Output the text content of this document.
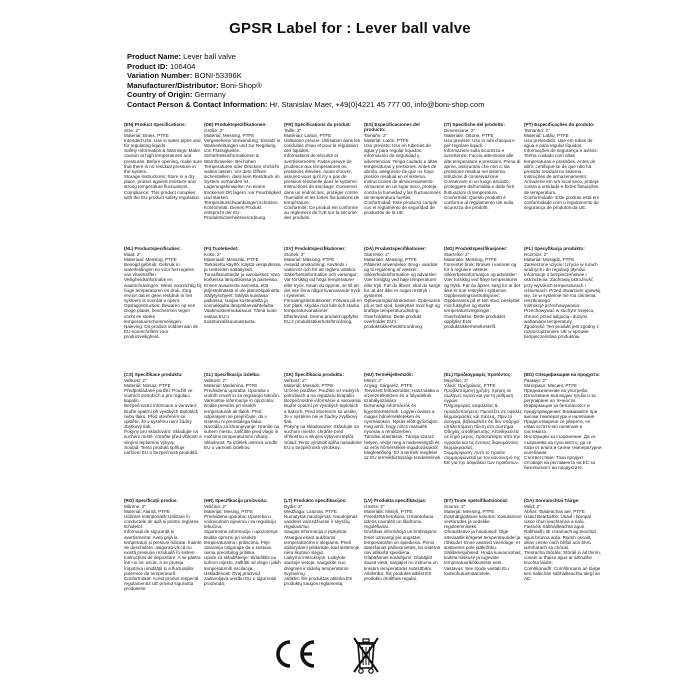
GPSR Label for : Lever ball valve
Product Name: Lever ball valve
Product ID: 106404
Variation Number: BONI-53396K
Manufacturer/Distributor: Boni-Shop®
Country of Origin: Germany
Contact Person & Contact Information: Hr. Stanislav Maer, +49(0)4221 45 777 00, info@boni-shop.com
(EN) Product Specifications:
Size: 2"
Material: Brass, PTFE
Intended Use: Use in water pipes and for regulating liquids.
Safety Information & Warnings: Make caution at high temperatures and pressures. Before opening, make sure that there is no residual pressure in the system.
Storage Instructions: Store in a dry place, protect against moisture and strong temperature fluctuations.
Compliance: This product complies with the EU product safety regulation.
(DE) Produktspezifikationen:
Größe: 2"
Material: Messing, PTFE
Vorgesehene Verwendung: Einsatz in Wasserleitungen und zur Regelung von Flüssigkeiten.
Sicherheitsinformationen & Warnhinweise: Bei hohen Temperaturen oder Drücken Vorsicht walten lassen. Vor dem Öffnen sicherstellen, dass kein Restdruck im System vorhanden ist.
Lagerungshinweise: An einem trockenen Ort lagern, vor Feuchtigkeit und starken Temperaturschwankungen schützen.
Konformität: Dieses Produkt entspricht der EU-Produktsicherheitsverordnung.
(FR) Spécifications du produit:
Taille: 2"
Matériau: Laiton, PTFE
Utilisation prévue: Utilisation dans les conduites d'eau et pour la régulation des liquides.
Informations de sécurité et avertissements: Faites preuve de prudence aux températures ou pressions élevées. Avant d'ouvrir, assurez-vous qu'il n'y a pas de pression résiduelle dans le système.
Instructions de stockage: Conserver dans un endroit sec, protéger contre l'humidité et les fortes fluctuations de température.
Conformité: Ce produit est conforme au règlement de l'UE sur la sécurité des produits.
(ES) Especificaciones del producto:
Tamaño: 2"
Material: Latón, PTFE
Uso previsto: Uso en tuberías de agua y para regular líquidos.
Información de seguridad y advertencias: Tenga cuidado a altas temperaturas y presiones. Antes de abrirla, asegúrese de que no haya presión residual en el sistema.
Instrucciones de almacenamiento: Almacene en un lugar seco, proteja contra la humedad y las fluctuaciones de temperatura fuertes.
Conformidad: Este producto cumple con el reglamento de seguridad de productos de la UE.
(IT) Specifiche del prodotto:
Dimensione: 2"
Materiale: Ottone, PTFE
Uso previsto: Uso in tubi d'acqua e per regolare liquidi.
Informazioni sulla sicurezza e avvertenze: Faccia attenzione alle alte temperature e pressioni. Prima di aprire, assicurarsi che non ci sia pressione residua nel sistema.
Istruzioni di conservazione: Conservare in un luogo asciutto, proteggere dall'umidità e dalle forti fluttuazioni di temperatura.
Conformità: Questo prodotto è conforme al regolamento UE sulla sicurezza dei prodotti.
(PT) Especificações do produto:
Tamanho: 2"
Material: Latão, PTFE
Uso pretendido: Use em tubos de água e para regular líquidos.
Informações de segurança e avisos: Tenha cuidado com altas temperaturas e pressões. Antes de abrir, certifique-se de que não há pressão residual no sistema.
Instruções de armazenamento: Armazene em um local seco, proteja contra a umidade e fortes flutuações de temperatura.
Conformidade: Este produto está em conformidade com o regulamento de segurança de produtos da UE.
(NL) Productspecificaties:
Maat: 2"
Materiaal: Messing, PTFE
Beoogd gebruik: Gebruik in waterleidingen en voor het regelen van vloeistoffen.
Veiligheidsinformatie en waarschuwingen: Wees voorzichtig bij hoge temperaturen en druk. Zorg ervoor dat er geen restdruk in het systeem is voordat u opent.
Opslaginstructies: Bewaren op een droge plaats, beschermen tegen vocht en sterke temperatuurschommelingen.
Naleving: Dit product voldoet aan de EU-voorschriften voor productveiligheid.
(FI) Tuotetiedot:
Koko: 2"
Materiaali: Messinki, PTFE
Tarkoitettu käyttö: Käyttö vesiputkissa ja nesteiden säätelyssä.
Turvallisuustiedot ja varoitukset: Varo korkeissa lämpötiloissa ja paineissa. Ennen avaamista varmista, että järjestelmässä ei ole jäännöspainetta.
Säilytysohjeet: Säilytä kuivassa paikassa, suojaa kosteudelta ja voimakkailta lämpötilanvaihteluilta.
Vaatimustenmukaisuus: Tämä tuote vastaa EU:n tuoteturvallisuusasetusta.
(SV) Produktspecifikationer:
Storlek: 2"
Material: Mässing, PTFE
Avsedd användning: Används i vattenrör och för att reglera vätskor.
Säkerhetsinformation och varningar: Var försiktig vid höga temperaturer eller tryck. Innan du öppnar, se till att det inte finns något kvarvarande tryck i systemet.
Förvaringsinstruktioner: Förvara på en torr plats, skydda mot fukt och starka temperaturvariationer.
Efterlevnad: Denna produkt uppfyller EU:s produktsäkerhetsförordning.
(DA) Produktspecifikationer:
Størrelse: 2"
Materiale: Messing, PTFE
Påtænkt anvendelse: Brug i vandrør og til regulering af væsker.
Sikkerhedsinformation og advarsler: Vær forsigtig ved høje temperaturer eller tryk. Før du åbner, skal du sørge for, at der ikke er noget resttryk i systemet.
Opbevaringsinstruktioner: Opbevares på et tørt sted, beskyttes mod fugt og kraftige temperaturudsving.
Overholdelse: Dette produkt overholder EU's produktsikkerhedsforordning.
(NO) Produktspesifikasjoner:
Størrelse: 2"
Materiale: Messing, PTFE
Forventet bruk: Brukes i vannrør og for å regulere væsker.
Sikkerhetsinformasjon og advarsler: Vær forsiktig ved høye temperaturer og trykk. Før du åpner, sørg for at det ikke er noe restrykk i systemet.
Oppbevaringsinstruksjoner: Oppbevares på et tørt sted, beskyttet mot fuktighet og sterke temperatursvingninger.
Overholdelse: Dette produktet oppfyller EUs produktsikkerhetsforskrift.
(PL) Specyfikacja produktu:
Rozmiar: 2"
Materiał: Mosiądz, PTFE
Zamierzone użycie: Użycie w rurach wodnych i do regulacji płynów.
Informacje o bezpieczeństwie i ostrzeżenia: Zachowaj ostrożność przy wysokich temperaturach i ciśnieniach. Przed otwarciem upewnij się, że w systemie nie ma ciśnienia resztkowego.
Instrukcje przechowywania: Przechowywać w suchym miejscu, chronić przed wilgocią i dużymi wahaniami temperatury.
Zgodność: Ten produkt jest zgodny z rozporządzeniem UE w sprawie bezpieczeństwa produktów.
(CS) Specifikace produktu:
Velikost: 2"
Materiál: Mosaz, PTFE
Předpokládané použití: Použití ve vodních potrubích a pro regulaci kapalin.
Bezpečnostní informace a varování: Buďte opatrní při vysokých teplotách nebo tlaku. Před otevřením se ujistěte, že v systému není žádný zbytkový tlak.
Pokyny pro skladování: Skladujte na suchém místě, chraňte před vlhkostí a silnými teplotními výkyvy.
Soulad: Tento produkt splňuje nařízení EU o bezpečnosti produktů.
(SL) Specifikacija izdelka:
Velikost: 2"
Material: Medenina, PTFE
Predvidena uporaba: Uporaba v vodnih ceveh in za regulacijo tekočin.
Varnostne informacije in opozorila: Bodite previdni pri visokih temperaturah ali tlakih. Pred odpiranjem se prepričajte, da v sistemu ni preostalega tlaka.
Navodila za shranjevanje: Hranite na suhem mestu, zaščitite pred vlago in močnimi temperaturnimi nihanji.
Skladnost: Ta izdelek ustreza uredbi EU o varnosti izdelkov.
(SK) Špecifikácia produktu:
Veľkosť: 2"
Materiál: Mosadz, PTFE
Určené použitie: Použitie vo vodných potrubiach a na reguláciu kvapalín.
Bezpečnostné informácie a varovania: Buďte opatrní pri vysokých teplotách a tlakoch. Pred otvorením sa uistite, že v systéme nie je žiadny zvyškový tlak.
Pokyny na skladovanie: Skladujte na suchom mieste, chráňte pred vlhkosťou a silnými výkyvmi teplôt.
Súlad: Tento výrobok spĺňa nariadenie EÚ o bezpečnosti výrobkov.
(HU) Termékjellemzők:
Méret: 2"
Anyag: Sárgaréz, PTFE
Tervezett felhasználás: Használata a vízvezetékekben és a folyadékok szabályozására.
Biztonsági információk és figyelmeztetések: Legyen óvatos a magas hőmérsékleteken és nyomásokon. Nyitás előtt győződjön meg arról, hogy nincs maradék nyomás a rendszerben.
Tárolási utasítások: Tárolja száraz helyen, védje meg a nedvességtől és az erős hőmérséklet-ingadozásoktól.
Megfelelőség: Ez a termék megfelel az EU termékbiztonsági rendeletének.
(EL) Προδιαγραφές προϊόντος:
Μέγεθος: 2"
Υλικό: Ορείχαλκος, PTFE
Προβλεπόμενη χρήση: Χρήση σε σωλήνες νερού και για τη ρύθμιση υγρών.
Πληροφορίες ασφαλείας & προειδοποιήσεις: Προσέξτε σε υψηλές θερμοκρασίες και πιέσεις. Πριν το άνοιγμα, βεβαιωθείτε ότι δεν υπάρχει υπολειπόμενη πίεση στο σύστημα.
Οδηγίες αποθήκευσης: Αποθηκεύστε σε ξηρό μέρος, προστατέψτε από την υγρασία και τις έντονες διακυμάνσεις θερμοκρασίας.
Συμμόρφωση: Αυτό το προϊόν συμμορφώνεται με τον κανονισμό της ΕΕ για την ασφάλεια των προϊόντων.
(BG) Спецификация на продукта:
Размер: 2"
Материал: Месинг, PTFE
Предназначение на употреба: Използване във водни тръби и за регулиране на течности.
Информация за безопасност и предупреждения: Внимавайте при високи температури и налягания. Преди отваряне се уверете, че няма остатъчно налягане в системата.
Инструкции за съхранение: Да се съхранява на сухо място, да се пази от влага и силни температурни колебания.
Съответствие: Този продукт отговаря на регламента на ЕС за безопасност на продуктите.
(RO) Specificații produs:
Mărime: 2"
Material: Alamă, PTFE
Utilizare intenționată: Utilizare în conductele de apă și pentru reglarea lichidelor.
Informații de siguranță și avertismente: Aveți grijă la temperaturi și presiuni ridicate. Înainte de deschidere, asigurați-vă că nu există presiune reziduală în sistem.
Instrucțiuni de depozitare: A se păstra într-un loc uscat, a se proteja împotriva umidității și a fluctuațiilor puternice de temperatură.
Conformitate: Acest produs respectă regulamentul UE privind siguranța produselor.
(HR) Specifikacija proizvoda:
Veličina: 2"
Materijal: Mesing, PTFE
Predviđena uporaba: Upotreba u vodovodnim cijevima i za regulaciju tekućina.
Sigurnosne informacije i upozorenja: Budite oprezni pri visokim temperaturama i pritiscima. Prije otvaranja osigurajte da u sustavu nema preostalog pritiska.
Upute za skladištenje: Skladištiti na suhom mjestu, zaštititi od vlage i jakih temperaturnih oscilacija.
Usklađenost: Ovaj proizvod zadovoljava uredbu EU o sigurnosti proizvoda.
(LT) Produkto specifikacijos:
Dydis: 2"
Medžiaga: Latunas, PTFE
Numatytas naudojimas: Naudojimas vandens vamzdžiuose ir skysčių reguliavimui.
Saugos informacija ir įspėjimai: Atsargiai esant aukštoms temperatūroms ir slėgiams. Prieš atidarydami įsitikinkite, kad sistemoje nėra likutinio slėgio.
Laikymo instrukcijos: Laikykite sausoje vietoje, saugokite nuo drėgmės ir didelių temperatūros svyravimų.
Atitiktis: Šis produktas atitinka ES produktų saugos reglamentą.
(LV) Produkta specifikācijas:
Izmērs: 2"
Materiāls: Misiņš, PTFE
Paredzētā lietošana: Izmantošana ūdens caurulēs un šķidrumu regulēšanai.
Drošības informācija un brīdinājumi: Esiet uzmanīgi pie augstām temperatūrām un spiediena. Pirms atvēršanas pārliecinieties, ka sistēmā nav atlikušā spiediena.
Glabāšanas norādījumi: Glabājiet sausā vietā, sargājiet no mitruma un krasām temperatūras svārstībām.
Atbilstība: Šis produkts atbilst ES produktu drošības regulai.
(ET) Toote spetsifikatsioonid:
Suurus: 2"
Materjal: Messing, PTFE
Eesmärgipärane kasutus: Kasutamine veetorudes ja vedelike reguleerimiseks.
Ohutusteave ja hoiatused: Olge ettevaatlik kõrgetel temperatuuridel ja rõhkudel. Enne avamist veenduge, et süsteemis pole jääkrõhku.
Säilitamisjuhised: Hoida kuivas kohas, kaitsta niiskuse ja tugevate temperatuurikõikumiste eest.
Vastavus: See toode vastab ELi tooteohutusmäärusele.
(GA) Sonraíochtaí Táirge:
Méid: 2"
Ábhar: Taisteachas aer, PTFE
Úsáid Beartaithe: Úsáid i bpíopaí uisce chun leachtanna a rialú.
Faisnéis Sábháilteachta agus Rabhaidh: Bí cúramach ag teochtaí agus brúnna arda. Roimh oscailt, déan cinnte nach bhfuil aon bhrú iarmharach sa chóras.
Treoracha Stórála: Stóráil in áit thirim, cosain ar thaise agus ar athruithe teochta láidre.
Comhlíonadh: Comhlíonann an táirge seo rialachán sábháilteachta táirgí an AE.
